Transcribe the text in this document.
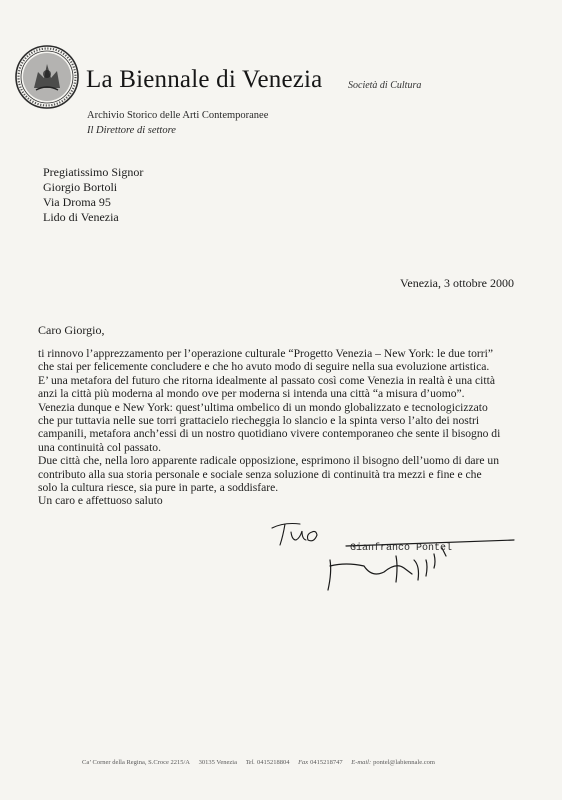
La Biennale di Venezia	Società di Cultura
Archivio Storico delle Arti Contemporanee
Il Direttore di settore
Pregiatissimo Signor
Giorgio Bortoli
Via Droma 95
Lido di Venezia
Venezia, 3 ottobre 2000
Caro Giorgio,
ti rinnovo l’apprezzamento per l’operazione culturale “Progetto Venezia – New York: le due torri”
che stai per felicemente concludere e che ho avuto modo di seguire nella sua evoluzione artistica.
E’ una metafora del futuro che ritorna idealmente al passato così come Venezia in realtà è una città
anzi la città più moderna al mondo ove per moderna si intenda una città “a misura d’uomo”.
Venezia dunque e New York: quest’ultima ombelico di un mondo globalizzato e tecnologicizzato
che pur tuttavia nelle sue torri grattacielo riecheggia lo slancio e la spinta verso l’alto dei nostri
campanili, metafora anch’essi di un nostro quotidiano vivere contemporaneo che sente il bisogno di
una continuità col passato.
Due città che, nella loro apparente radicale opposizione, esprimono il bisogno dell’uomo di dare un
contributo alla sua storia personale e sociale senza soluzione di continuità tra mezzi e fine e che
solo la cultura riesce, sia pure in parte, a soddisfare.
Un caro e affettuoso saluto
Gianfranco Pontel
Ca’ Corner della Regina, S.Croce 2215/A 30135 Venezia Tel. 0415218804 Fax 0415218747 E-mail: pontel@labiennale.com
